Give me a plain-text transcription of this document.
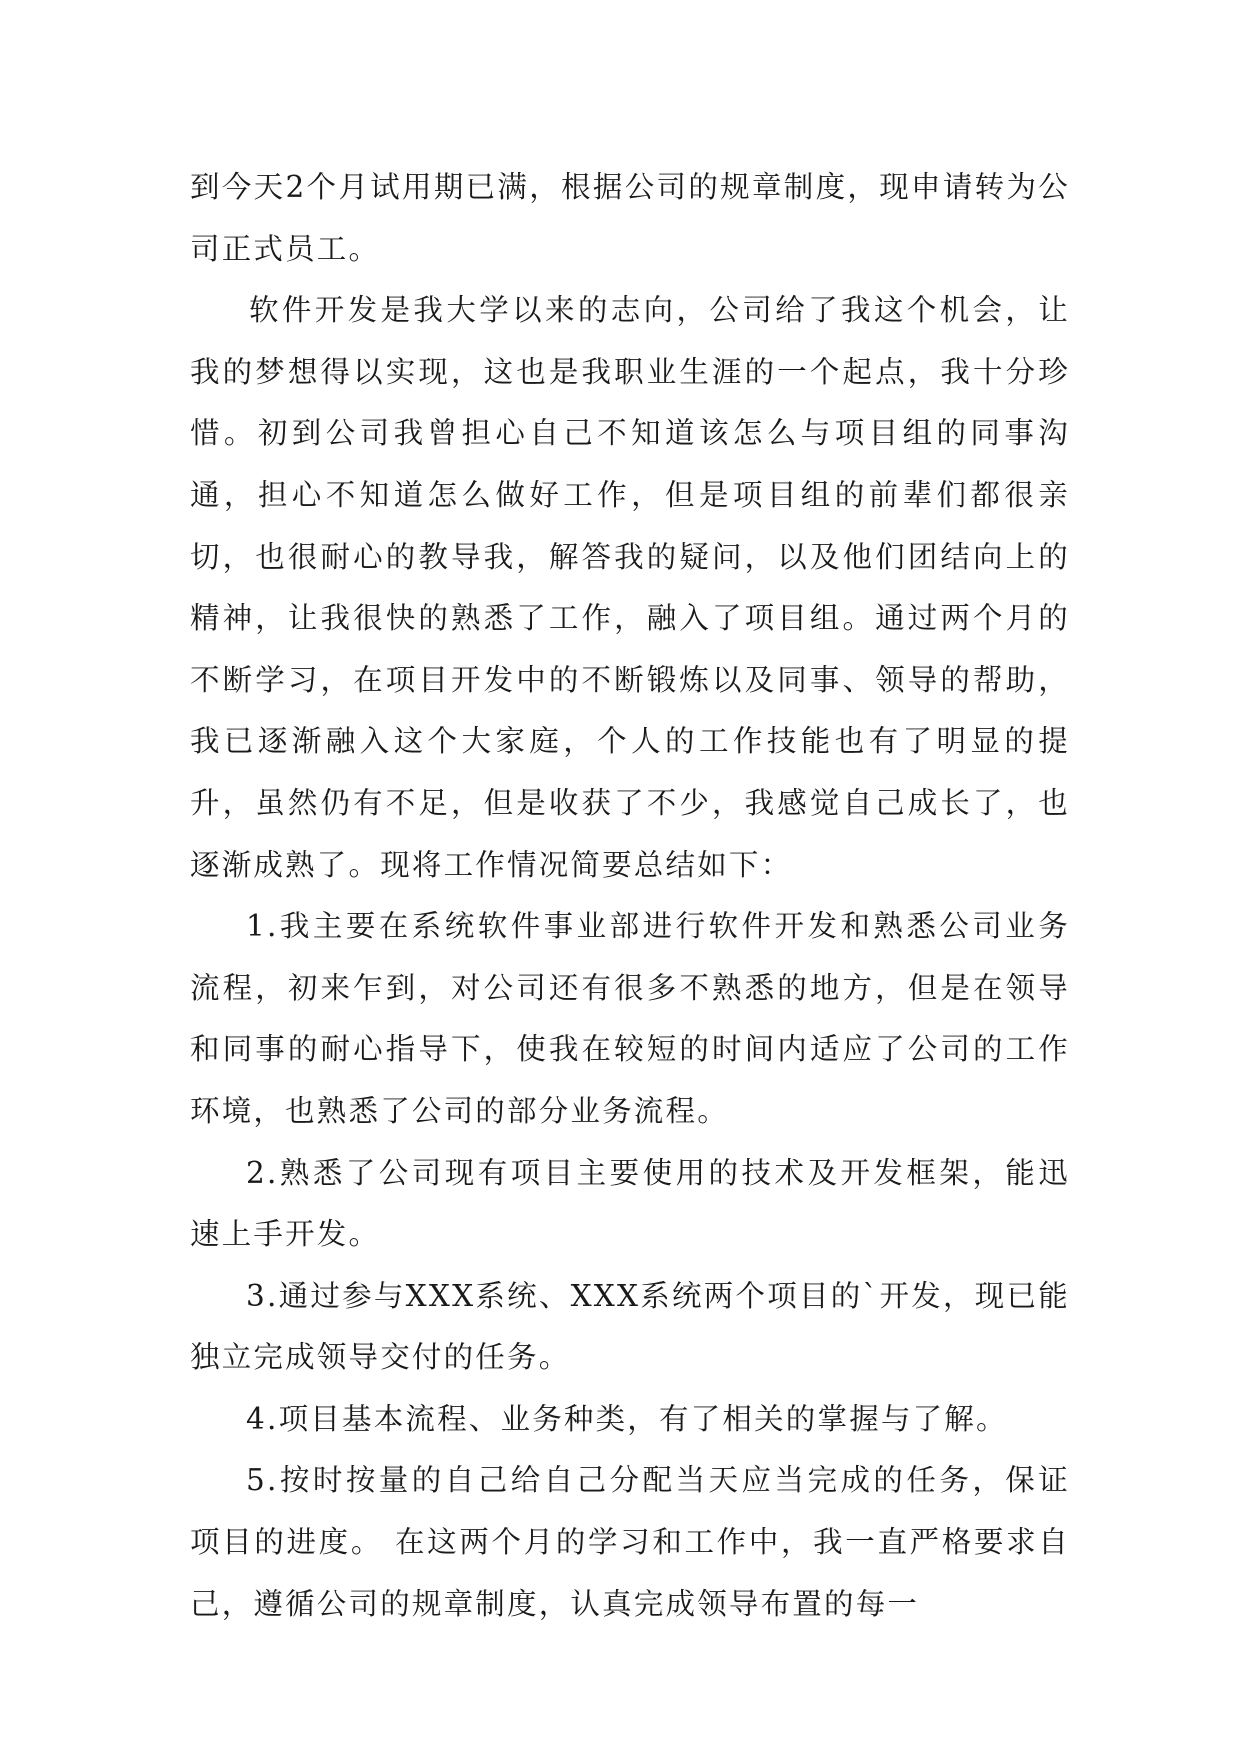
到今天2个月试用期已满，根据公司的规章制度，现申请转为公司正式员工。

软件开发是我大学以来的志向，公司给了我这个机会，让我的梦想得以实现，这也是我职业生涯的一个起点，我十分珍惜。初到公司我曾担心自己不知道该怎么与项目组的同事沟通，担心不知道怎么做好工作，但是项目组的前辈们都很亲切，也很耐心的教导我，解答我的疑问，以及他们团结向上的精神，让我很快的熟悉了工作，融入了项目组。通过两个月的不断学习，在项目开发中的不断锻炼以及同事、领导的帮助，我已逐渐融入这个大家庭，个人的工作技能也有了明显的提升，虽然仍有不足，但是收获了不少，我感觉自己成长了，也逐渐成熟了。现将工作情况简要总结如下：

1.我主要在系统软件事业部进行软件开发和熟悉公司业务流程，初来乍到，对公司还有很多不熟悉的地方，但是在领导和同事的耐心指导下，使我在较短的时间内适应了公司的工作环境，也熟悉了公司的部分业务流程。

2.熟悉了公司现有项目主要使用的技术及开发框架，能迅速上手开发。

3.通过参与XXX系统、XXX系统两个项目的`开发，现已能独立完成领导交付的任务。

4.项目基本流程、业务种类，有了相关的掌握与了解。

5.按时按量的自己给自己分配当天应当完成的任务，保证项目的进度。 在这两个月的学习和工作中，我一直严格要求自己，遵循公司的规章制度，认真完成领导布置的每一
